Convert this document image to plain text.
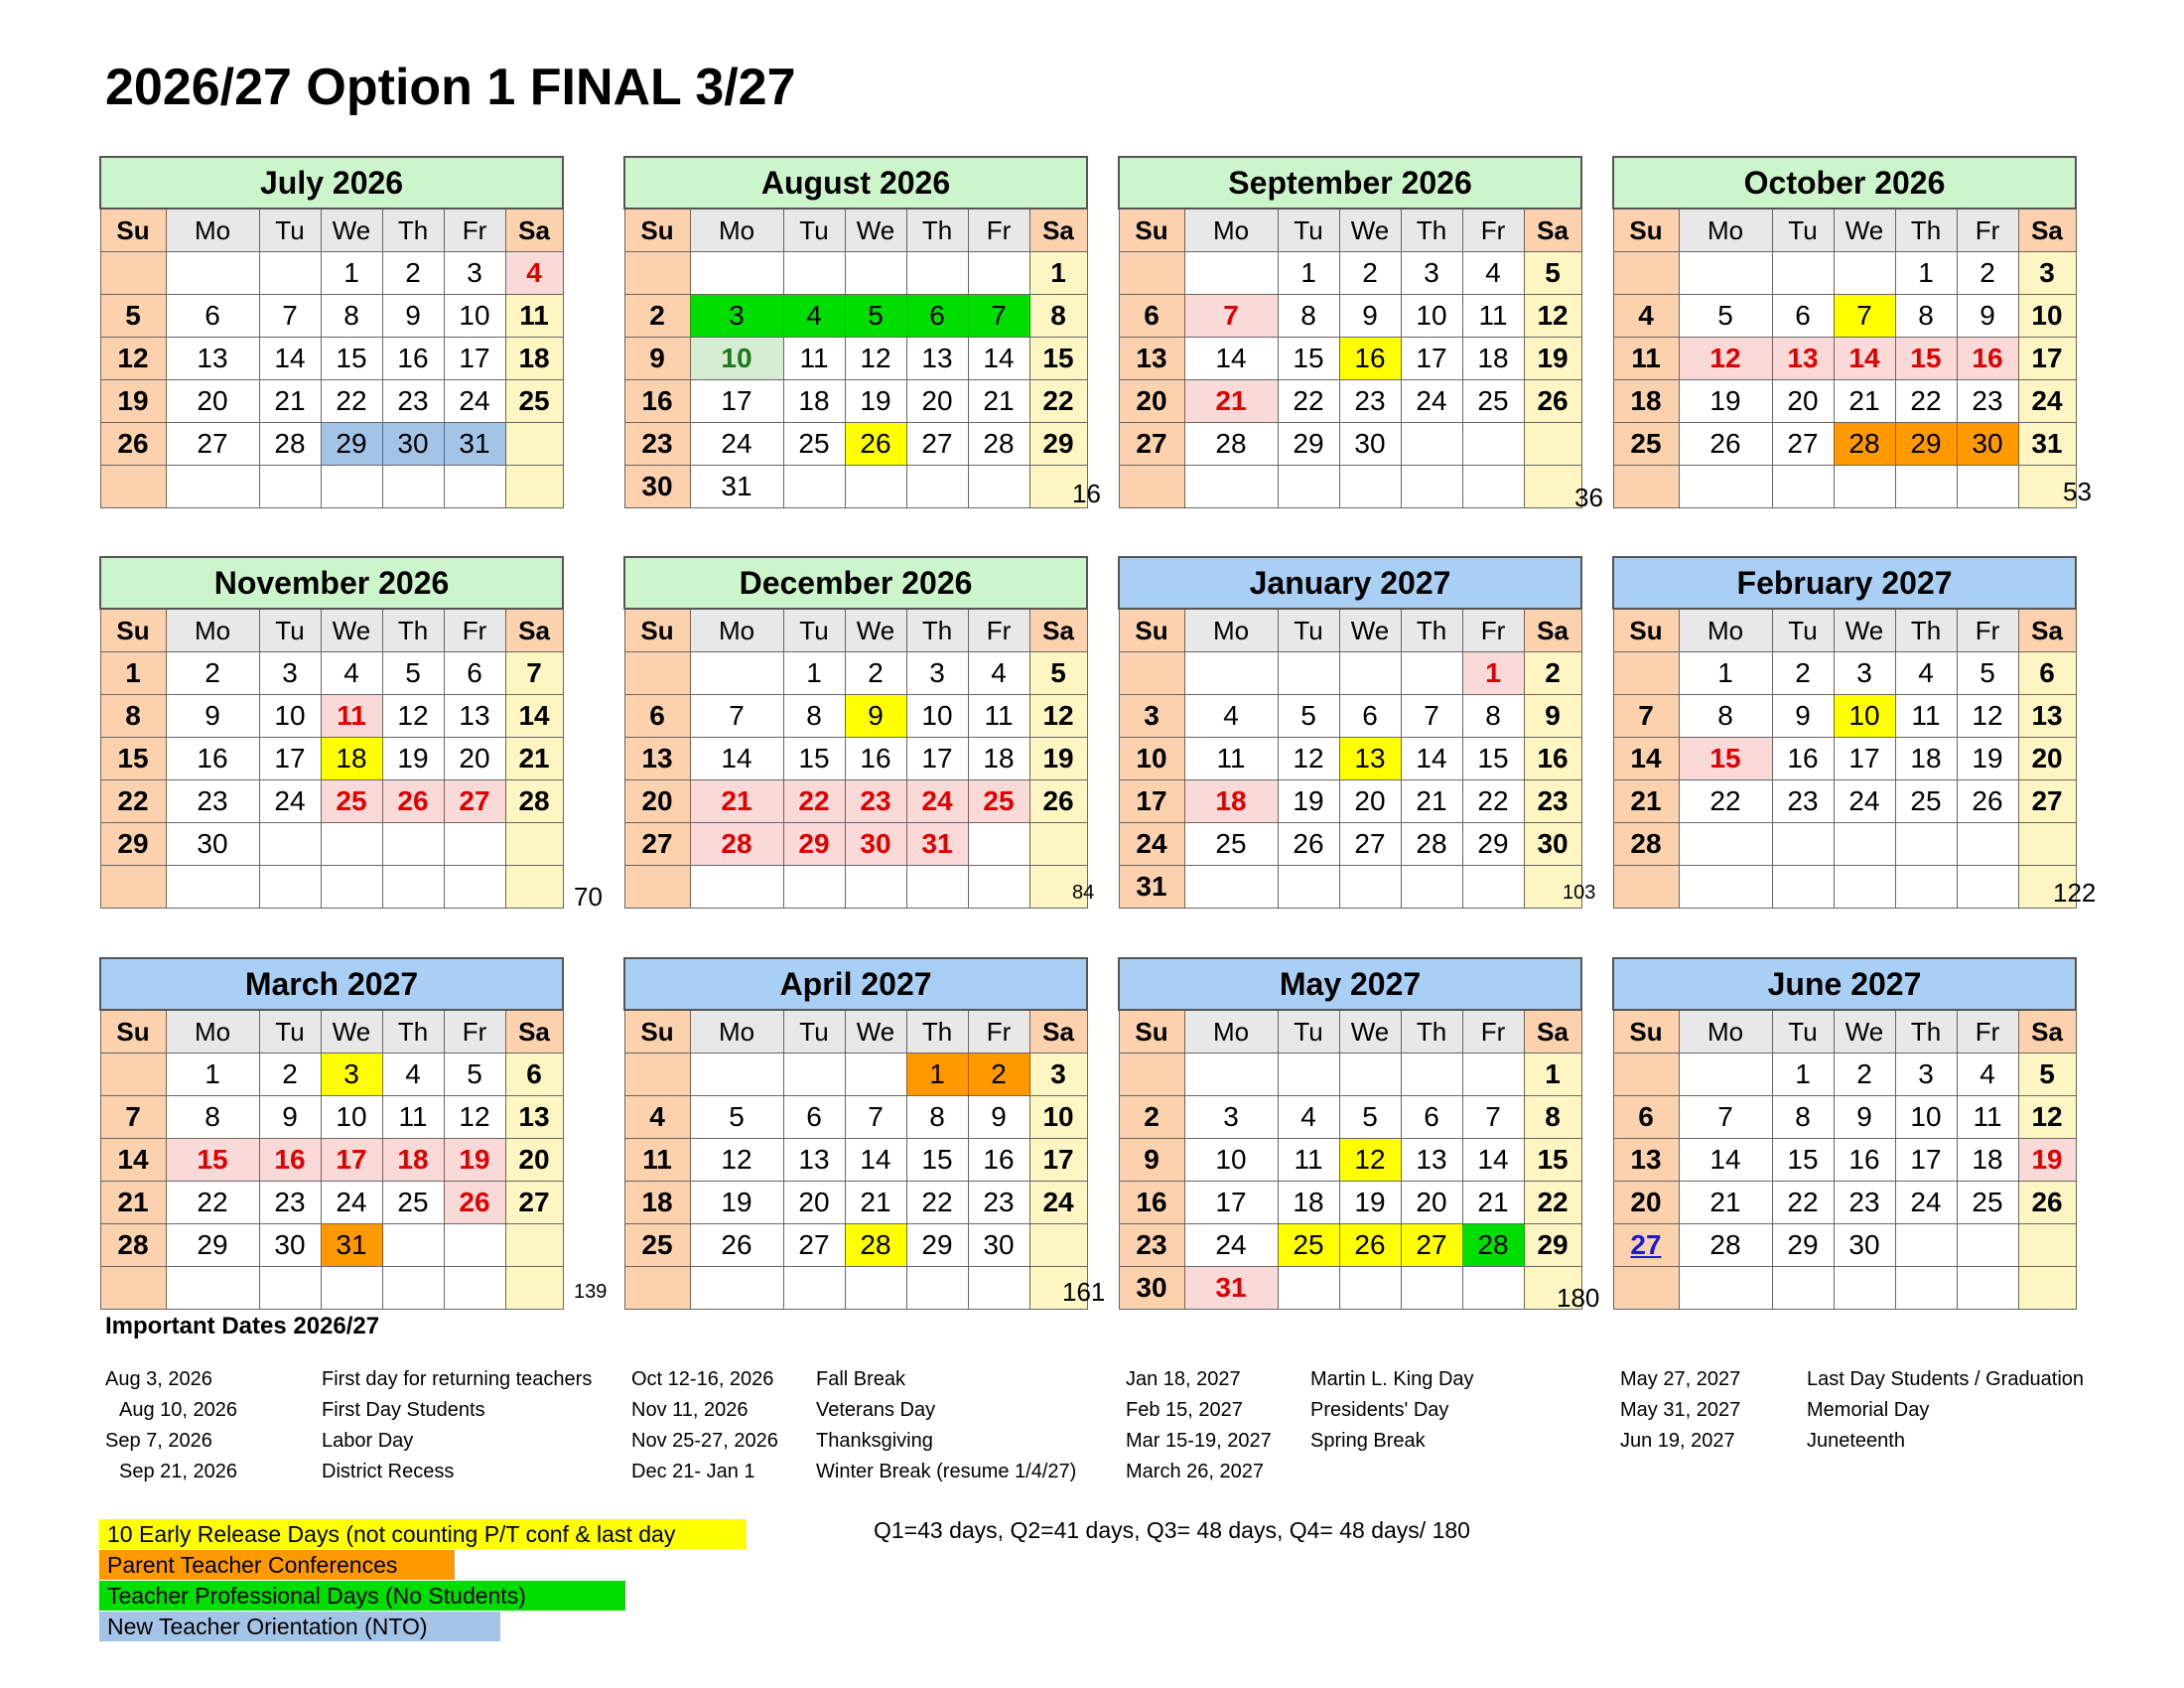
2026/27 Option 1 FINAL 3/27
July 2026						
Su	Mo	Tu	We	Th	Fr	Sa
			1	2	3	4
5	6	7	8	9	10	11
12	13	14	15	16	17	18
19	20	21	22	23	24	25
26	27	28	29	30	31	

August 2026						
Su	Mo	Tu	We	Th	Fr	Sa
						1
2	3	4	5	6	7	8
9	10	11	12	13	14	15
16	17	18	19	20	21	22
23	24	25	26	27	28	29
30	31						16
September 2026						
Su	Mo	Tu	We	Th	Fr	Sa
		1	2	3	4	5
6	7	8	9	10	11	12
13	14	15	16	17	18	19
20	21	22	23	24	25	26
27	28	29	30			

36
October 2026						
Su	Mo	Tu	We	Th	Fr	Sa
				1	2	3
4	5	6	7	8	9	10
11	12	13	14	15	16	17
18	19	20	21	22	23	24
25	26	27	28	29	30	31

53
November 2026						
Su	Mo	Tu	We	Th	Fr	Sa
1	2	3	4	5	6	7
8	9	10	11	12	13	14
15	16	17	18	19	20	21
22	23	24	25	26	27	28
29	30					

70
December 2026						
Su	Mo	Tu	We	Th	Fr	Sa
		1	2	3	4	5
6	7	8	9	10	11	12
13	14	15	16	17	18	19
20	21	22	23	24	25	26
27	28	29	30	31		

84
January 2027						
Su	Mo	Tu	We	Th	Fr	Sa
					1	2
3	4	5	6	7	8	9
10	11	12	13	14	15	16
17	18	19	20	21	22	23
24	25	26	27	28	29	30
31							103
February 2027						
Su	Mo	Tu	We	Th	Fr	Sa
	1	2	3	4	5	6
7	8	9	10	11	12	13
14	15	16	17	18	19	20
21	22	23	24	25	26	27
28						

122
March 2027						
Su	Mo	Tu	We	Th	Fr	Sa
	1	2	3	4	5	6
7	8	9	10	11	12	13
14	15	16	17	18	19	20
21	22	23	24	25	26	27
28	29	30	31			

139
April 2027						
Su	Mo	Tu	We	Th	Fr	Sa
				1	2	3
4	5	6	7	8	9	10
11	12	13	14	15	16	17
18	19	20	21	22	23	24
25	26	27	28	29	30	

161
May 2027						
Su	Mo	Tu	We	Th	Fr	Sa
						1
2	3	4	5	6	7	8
9	10	11	12	13	14	15
16	17	18	19	20	21	22
23	24	25	26	27	28	29
30	31						180
June 2027						
Su	Mo	Tu	We	Th	Fr	Sa
		1	2	3	4	5
6	7	8	9	10	11	12
13	14	15	16	17	18	19
20	21	22	23	24	25	26
27	28	29	30			

Important Dates 2026/27
Aug 3, 2026	First day for returning teachers
Aug 10, 2026	First Day Students
Sep 7, 2026	Labor Day
Sep 21, 2026	District Recess
Oct 12-16, 2026 Fall Break
Nov 11, 2026	Veterans Day
Nov 25-27, 2026 Thanksgiving
Dec 21- Jan 1	Winter Break (resume 1/4/27)
Jan 18, 2027	Martin L. King Day
Feb 15, 2027	Presidents' Day
Mar 15-19, 2027 Spring Break
March 26, 2027
May 27, 2027	Last Day Students / Graduation
May 31, 2027	Memorial Day
Jun 19, 2027	Juneteenth
10 Early Release Days (not counting P/T conf & last day
Parent Teacher Conferences
Teacher Professional Days (No Students)
New Teacher Orientation (NTO)
Q1=43 days, Q2=41 days, Q3= 48 days, Q4= 48 days/ 180
